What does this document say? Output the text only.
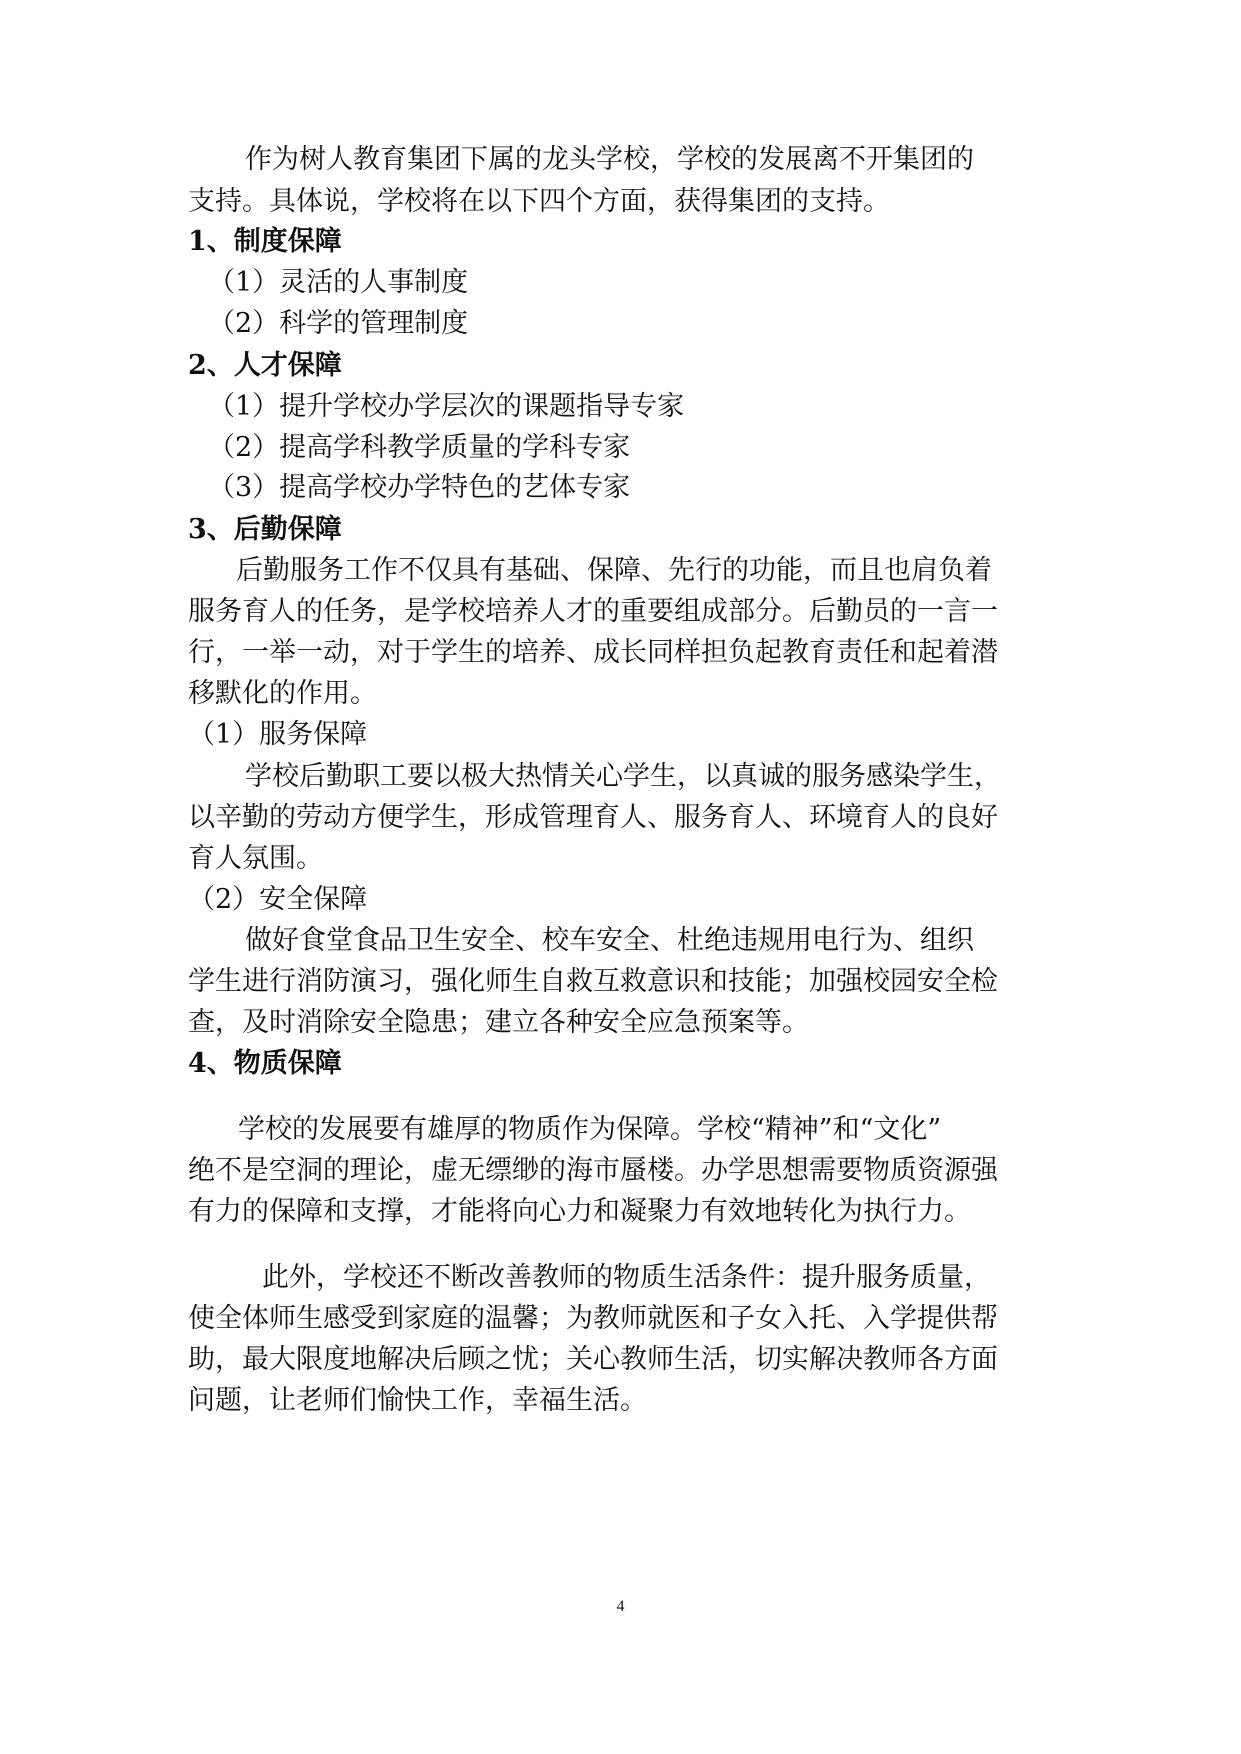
作为树人教育集团下属的龙头学校，学校的发展离不开集团的
支持。具体说，学校将在以下四个方面，获得集团的支持。
1、制度保障
（1）灵活的人事制度
（2）科学的管理制度
2、人才保障
（1）提升学校办学层次的课题指导专家
（2）提高学科教学质量的学科专家
（3）提高学校办学特色的艺体专家
3、后勤保障
后勤服务工作不仅具有基础、保障、先行的功能，而且也肩负着
服务育人的任务，是学校培养人才的重要组成部分。后勤员的一言一
行，一举一动，对于学生的培养、成长同样担负起教育责任和起着潜
移默化的作用。
（1）服务保障
学校后勤职工要以极大热情关心学生，以真诚的服务感染学生，
以辛勤的劳动方便学生，形成管理育人、服务育人、环境育人的良好
育人氛围。
（2）安全保障
做好食堂食品卫生安全、校车安全、杜绝违规用电行为、组织
学生进行消防演习，强化师生自救互救意识和技能；加强校园安全检
查，及时消除安全隐患；建立各种安全应急预案等。
4、物质保障
学校的发展要有雄厚的物质作为保障。学校“精神”和“文化”
绝不是空洞的理论，虚无缥缈的海市蜃楼。办学思想需要物质资源强
有力的保障和支撑，才能将向心力和凝聚力有效地转化为执行力。
此外，学校还不断改善教师的物质生活条件：提升服务质量，
使全体师生感受到家庭的温馨；为教师就医和子女入托、入学提供帮
助，最大限度地解决后顾之忧；关心教师生活，切实解决教师各方面
问题，让老师们愉快工作，幸福生活。
4
